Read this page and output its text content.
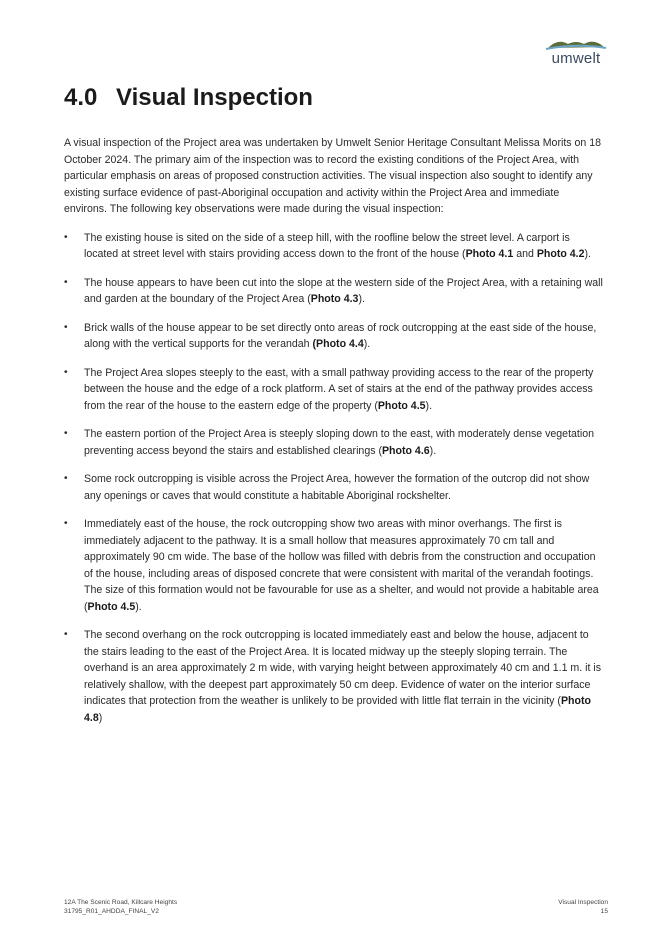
umwelt
4.0 Visual Inspection

A visual inspection of the Project area was undertaken by Umwelt Senior Heritage Consultant Melissa Morits on 18 October 2024. The primary aim of the inspection was to record the existing conditions of the Project Area, with particular emphasis on areas of proposed construction activities. The visual inspection also sought to identify any existing surface evidence of past-Aboriginal occupation and activity within the Project Area and immediate environs. The following key observations were made during the visual inspection:

• The existing house is sited on the side of a steep hill, with the roofline below the street level. A carport is located at street level with stairs providing access down to the front of the house (Photo 4.1 and Photo 4.2).
• The house appears to have been cut into the slope at the western side of the Project Area, with a retaining wall and garden at the boundary of the Project Area (Photo 4.3).
• Brick walls of the house appear to be set directly onto areas of rock outcropping at the east side of the house, along with the vertical supports for the verandah (Photo 4.4).
• The Project Area slopes steeply to the east, with a small pathway providing access to the rear of the property between the house and the edge of a rock platform. A set of stairs at the end of the pathway provides access from the rear of the house to the eastern edge of the property (Photo 4.5).
• The eastern portion of the Project Area is steeply sloping down to the east, with moderately dense vegetation preventing access beyond the stairs and established clearings (Photo 4.6).
• Some rock outcropping is visible across the Project Area, however the formation of the outcrop did not show any openings or caves that would constitute a habitable Aboriginal rockshelter.
• Immediately east of the house, the rock outcropping show two areas with minor overhangs. The first is immediately adjacent to the pathway. It is a small hollow that measures approximately 70 cm tall and approximately 90 cm wide. The base of the hollow was filled with debris from the construction and occupation of the house, including areas of disposed concrete that were consistent with marital of the verandah footings. The size of this formation would not be favourable for use as a shelter, and would not provide a habitable area (Photo 4.5).
• The second overhang on the rock outcropping is located immediately east and below the house, adjacent to the stairs leading to the east of the Project Area. It is located midway up the steeply sloping terrain. The overhand is an area approximately 2 m wide, with varying height between approximately 40 cm and 1.1 m. it is relatively shallow, with the deepest part approximately 50 cm deep. Evidence of water on the interior surface indicates that protection from the weather is unlikely to be provided with little flat terrain in the vicinity (Photo 4.8)
12A The Scenic Road, Killcare Heights
31795_R01_AHDDA_FINAL_V2
Visual Inspection
15
